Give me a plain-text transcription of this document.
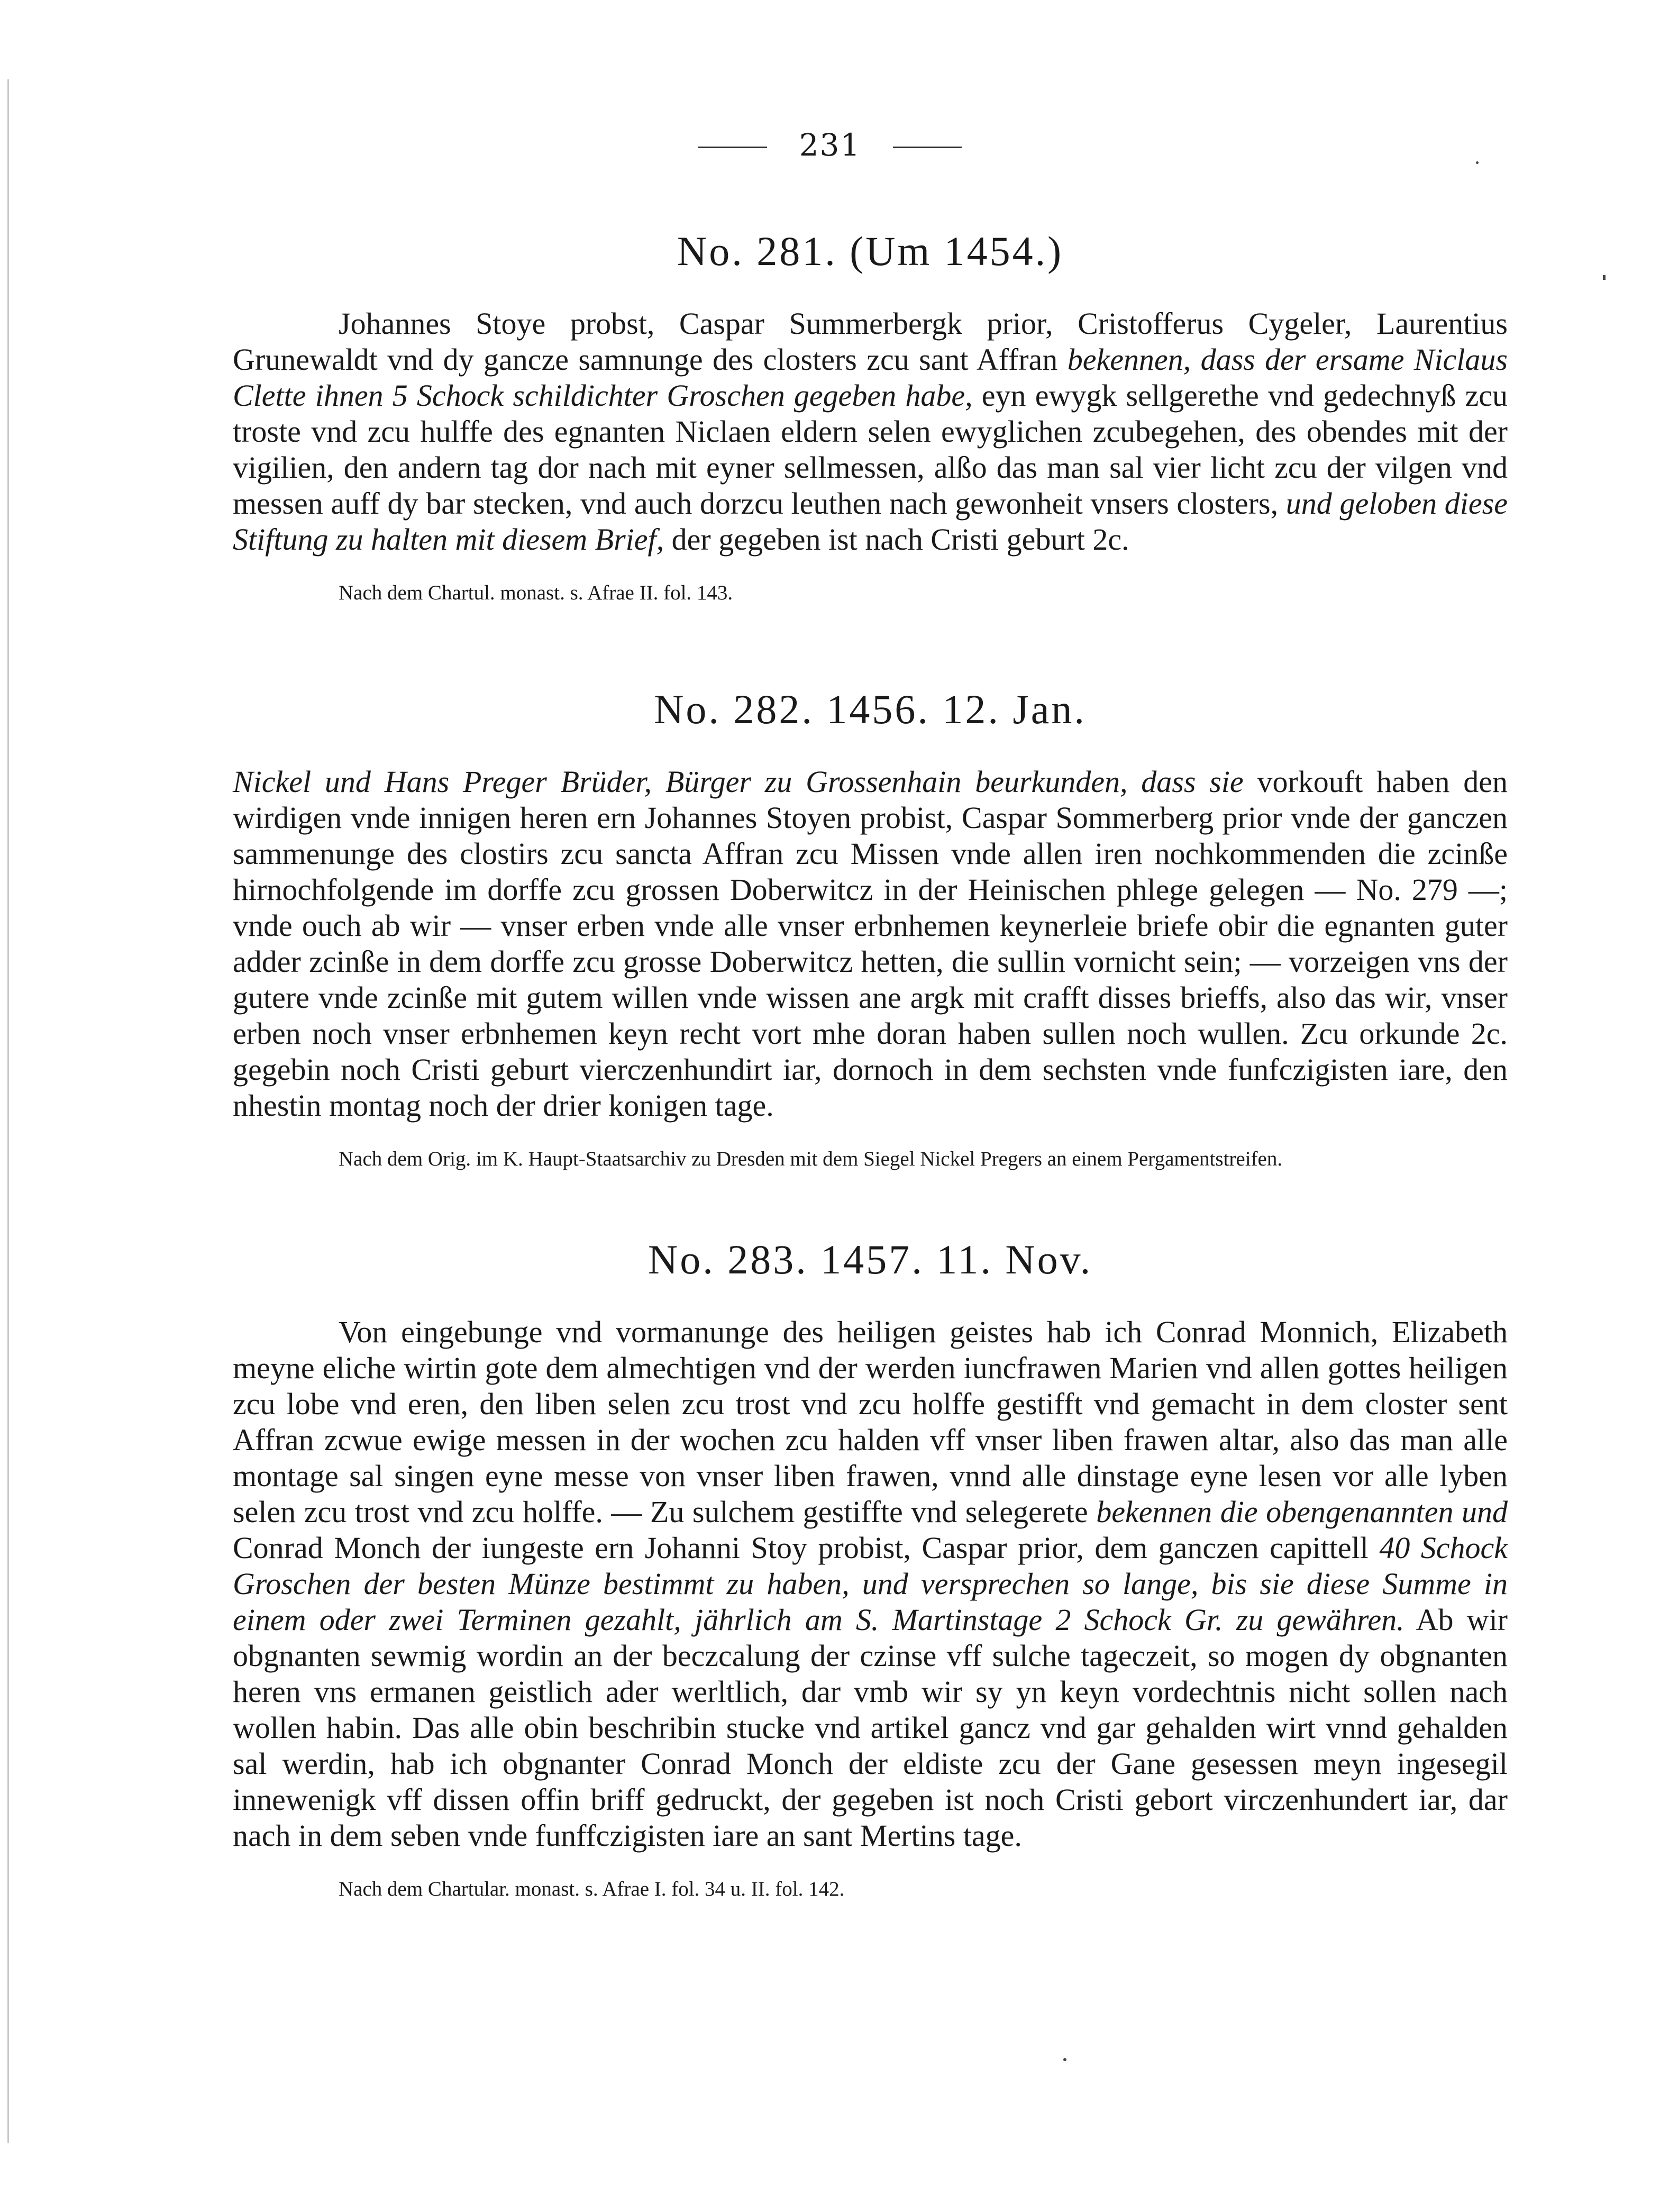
231
No. 281. (Um 1454.)

Johannes Stoye probst, Caspar Summerbergk prior, Cristofferus Cygeler, Laurentius Grunewaldt vnd dy gancze samnunge des closters zcu sant Affran bekennen, dass der ersame Niclaus Clette ihnen 5 Schock schildichter Groschen gegeben habe, eyn ewygk sellgerethe vnd gedechnyß zcu troste vnd zcu hulffe des egnanten Niclaen eldern selen ewyglichen zcubegehen, des obendes mit der vigilien, den andern tag dor nach mit eyner sellmessen, alßo das man sal vier licht zcu der vilgen vnd messen auff dy bar stecken, vnd auch dorzcu leuthen nach gewonheit vnsers closters, und geloben diese Stiftung zu halten mit diesem Brief, der gegeben ist nach Cristi geburt 2c.

Nach dem Chartul. monast. s. Afrae II. fol. 143.

No. 282. 1456. 12. Jan.

Nickel und Hans Preger Brüder, Bürger zu Grossenhain beurkunden, dass sie vorkouft haben den wirdigen vnde innigen heren ern Johannes Stoyen probist, Caspar Sommerberg prior vnde der ganczen sammenunge des clostirs zcu sancta Affran zcu Missen vnde allen iren nochkommenden die zcinße hirnochfolgende im dorffe zcu grossen Doberwitcz in der Heinischen phlege gelegen — No. 279 —; vnde ouch ab wir — vnser erben vnde alle vnser erbnhemen keynerleie briefe obir die egnanten guter adder zcinße in dem dorffe zcu grosse Doberwitcz hetten, die sullin vornicht sein; — vorzeigen vns der gutere vnde zcinße mit gutem willen vnde wissen ane argk mit crafft disses brieffs, also das wir, vnser erben noch vnser erbnhemen keyn recht vort mhe doran haben sullen noch wullen. Zcu orkunde 2c. gegebin noch Cristi geburt vierczenhundirt iar, dornoch in dem sechsten vnde funfczigisten iare, den nhestin montag noch der drier konigen tage.

Nach dem Orig. im K. Haupt-Staatsarchiv zu Dresden mit dem Siegel Nickel Pregers an einem Pergamentstreifen.

No. 283. 1457. 11. Nov.

Von eingebunge vnd vormanunge des heiligen geistes hab ich Conrad Monnich, Elizabeth meyne eliche wirtin gote dem almechtigen vnd der werden iuncfrawen Marien vnd allen gottes heiligen zcu lobe vnd eren, den liben selen zcu trost vnd zcu holffe gestifft vnd gemacht in dem closter sent Affran zcwue ewige messen in der wochen zcu halden vff vnser liben frawen altar, also das man alle montage sal singen eyne messe von vnser liben frawen, vnnd alle dinstage eyne lesen vor alle lyben selen zcu trost vnd zcu holffe. — Zu sulchem gestiffte vnd selegerete bekennen die obengenannten und Conrad Monch der iungeste ern Johanni Stoy probist, Caspar prior, dem ganczen capittell 40 Schock Groschen der besten Münze bestimmt zu haben, und versprechen so lange, bis sie diese Summe in einem oder zwei Terminen gezahlt, jährlich am S. Martinstage 2 Schock Gr. zu gewähren. Ab wir obgnanten sewmig wordin an der beczcalung der czinse vff sulche tageczeit, so mogen dy obgnanten heren vns ermanen geistlich ader werltlich, dar vmb wir sy yn keyn vordechtnis nicht sollen nach wollen habin. Das alle obin beschribin stucke vnd artikel gancz vnd gar gehalden wirt vnnd gehalden sal werdin, hab ich obgnanter Conrad Monch der eldiste zcu der Gane gesessen meyn ingesegil innewenigk vff dissen offin briff gedruckt, der gegeben ist noch Cristi gebort virczenhundert iar, dar nach in dem seben vnde funffczigisten iare an sant Mertins tage.

Nach dem Chartular. monast. s. Afrae I. fol. 34 u. II. fol. 142.
